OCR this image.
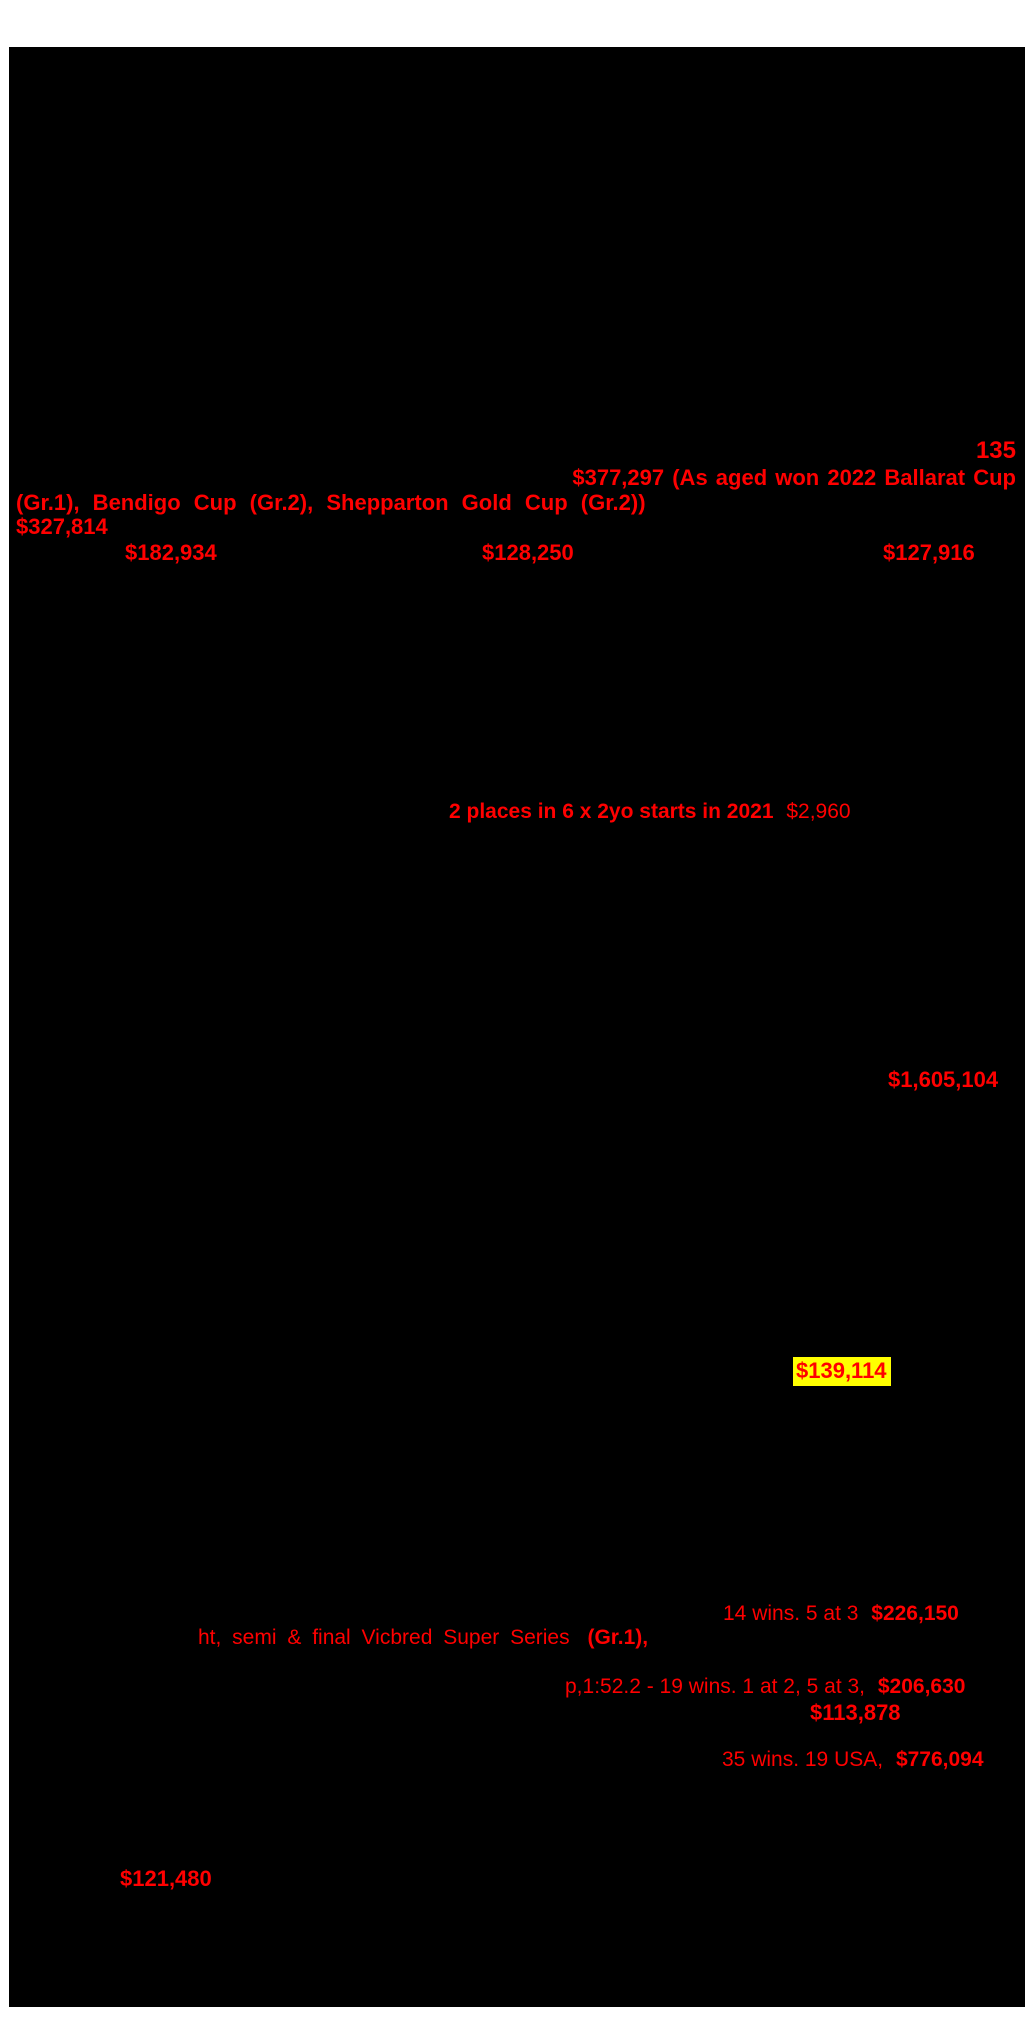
135
$377,297 (As aged won 2022 Ballarat Cup
(Gr.1), Bendigo Cup (Gr.2), Shepparton Gold Cup (Gr.2))
$327,814
$182,934	$128,250	$127,916
2 places in 6 x 2yo starts in 2021 $2,960
$1,605,104
$139,114
14 wins. 5 at 3 $226,150
ht, semi & final Vicbred Super Series (Gr.1),
p,1:52.2 - 19 wins. 1 at 2, 5 at 3, $206,630
$113,878
35 wins. 19 USA, $776,094
$121,480
